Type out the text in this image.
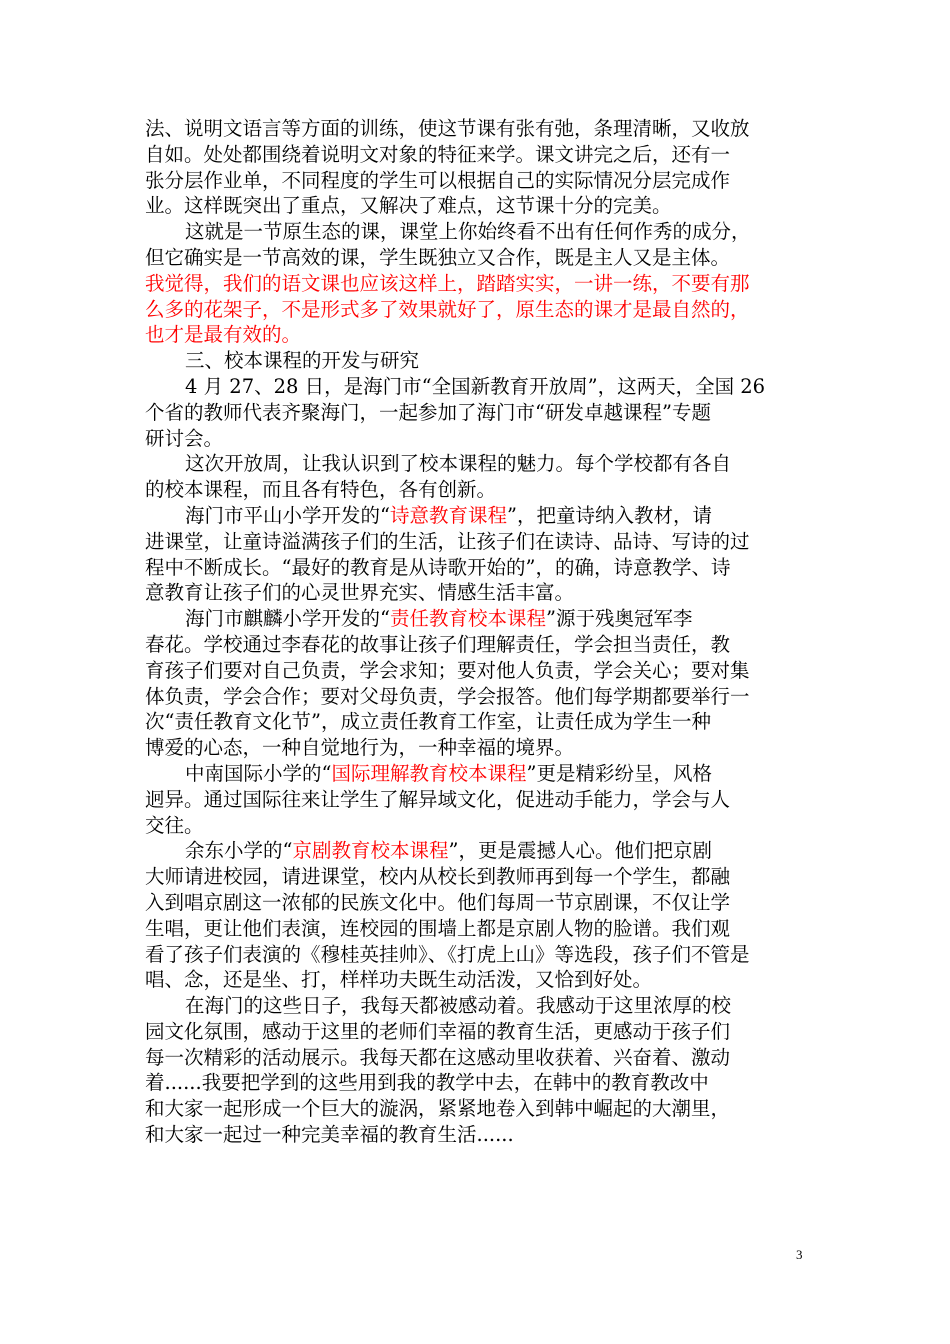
法、说明文语言等方面的训练，使这节课有张有弛，条理清晰，又收放
自如。处处都围绕着说明文对象的特征来学。课文讲完之后，还有一
张分层作业单，不同程度的学生可以根据自己的实际情况分层完成作
业。这样既突出了重点，又解决了难点，这节课十分的完美。
这就是一节原生态的课，课堂上你始终看不出有任何作秀的成分，
但它确实是一节高效的课，学生既独立又合作，既是主人又是主体。
我觉得，我们的语文课也应该这样上，踏踏实实，一讲一练，不要有那
么多的花架子，不是形式多了效果就好了，原生态的课才是最自然的，
也才是最有效的。
三、校本课程的开发与研究
4 月 27、28 日，是海门市“全国新教育开放周”，这两天，全国 26
个省的教师代表齐聚海门，一起参加了海门市“研发卓越课程”专题
研讨会。
这次开放周，让我认识到了校本课程的魅力。每个学校都有各自
的校本课程，而且各有特色，各有创新。
海门市平山小学开发的“诗意教育课程”，把童诗纳入教材，请
进课堂，让童诗溢满孩子们的生活，让孩子们在读诗、品诗、写诗的过
程中不断成长。“最好的教育是从诗歌开始的”，的确，诗意教学、诗
意教育让孩子们的心灵世界充实、情感生活丰富。
海门市麒麟小学开发的“责任教育校本课程”源于残奥冠军李
春花。学校通过李春花的故事让孩子们理解责任，学会担当责任，教
育孩子们要对自己负责，学会求知；要对他人负责，学会关心；要对集
体负责，学会合作；要对父母负责，学会报答。他们每学期都要举行一
次“责任教育文化节”，成立责任教育工作室，让责任成为学生一种
博爱的心态，一种自觉地行为，一种幸福的境界。
中南国际小学的“国际理解教育校本课程”更是精彩纷呈，风格
迥异。通过国际往来让学生了解异域文化，促进动手能力，学会与人
交往。
余东小学的“京剧教育校本课程”，更是震撼人心。他们把京剧
大师请进校园，请进课堂，校内从校长到教师再到每一个学生，都融
入到唱京剧这一浓郁的民族文化中。他们每周一节京剧课，不仅让学
生唱，更让他们表演，连校园的围墙上都是京剧人物的脸谱。我们观
看了孩子们表演的《穆桂英挂帅》、《打虎上山》等选段，孩子们不管是
唱、念，还是坐、打，样样功夫既生动活泼，又恰到好处。
在海门的这些日子，我每天都被感动着。我感动于这里浓厚的校
园文化氛围，感动于这里的老师们幸福的教育生活，更感动于孩子们
每一次精彩的活动展示。我每天都在这感动里收获着、兴奋着、激动
着......我要把学到的这些用到我的教学中去，在韩中的教育教改中
和大家一起形成一个巨大的漩涡，紧紧地卷入到韩中崛起的大潮里，
和大家一起过一种完美幸福的教育生活......
3
